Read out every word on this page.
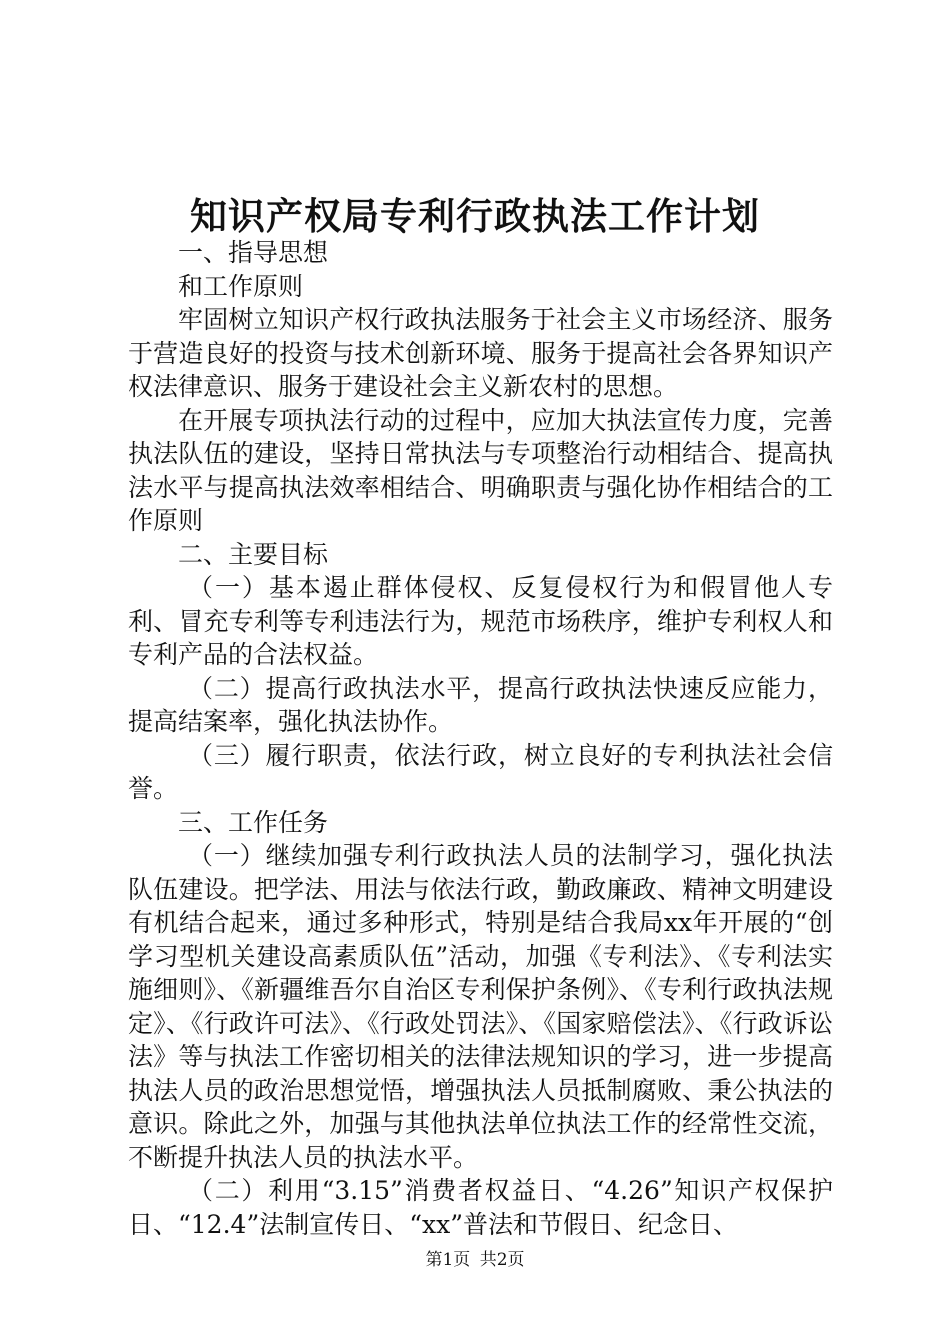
知识产权局专利行政执法工作计划

一、指导思想

和工作原则

牢固树立知识产权行政执法服务于社会主义市场经济、服务于营造良好的投资与技术创新环境、服务于提高社会各界知识产权法律意识、服务于建设社会主义新农村的思想。

在开展专项执法行动的过程中，应加大执法宣传力度，完善执法队伍的建设，坚持日常执法与专项整治行动相结合、提高执法水平与提高执法效率相结合、明确职责与强化协作相结合的工作原则

二、主要目标

（一）基本遏止群体侵权、反复侵权行为和假冒他人专利、冒充专利等专利违法行为，规范市场秩序，维护专利权人和专利产品的合法权益。

（二）提高行政执法水平，提高行政执法快速反应能力，提高结案率，强化执法协作。

（三）履行职责，依法行政，树立良好的专利执法社会信誉。

三、工作任务

（一）继续加强专利行政执法人员的法制学习，强化执法队伍建设。把学法、用法与依法行政，勤政廉政、精神文明建设有机结合起来，通过多种形式，特别是结合我局xx年开展的“创学习型机关建设高素质队伍”活动，加强《专利法》、《专利法实施细则》、《新疆维吾尔自治区专利保护条例》、《专利行政执法规定》、《行政许可法》、《行政处罚法》、《国家赔偿法》、《行政诉讼法》等与执法工作密切相关的法律法规知识的学习，进一步提高执法人员的政治思想觉悟，增强执法人员抵制腐败、秉公执法的意识。除此之外，加强与其他执法单位执法工作的经常性交流，不断提升执法人员的执法水平。

（二）利用“3.15”消费者权益日、“4.26”知识产权保护日、“12.4”法制宣传日、“xx”普法和节假日、纪念日、

第1页 共2页
